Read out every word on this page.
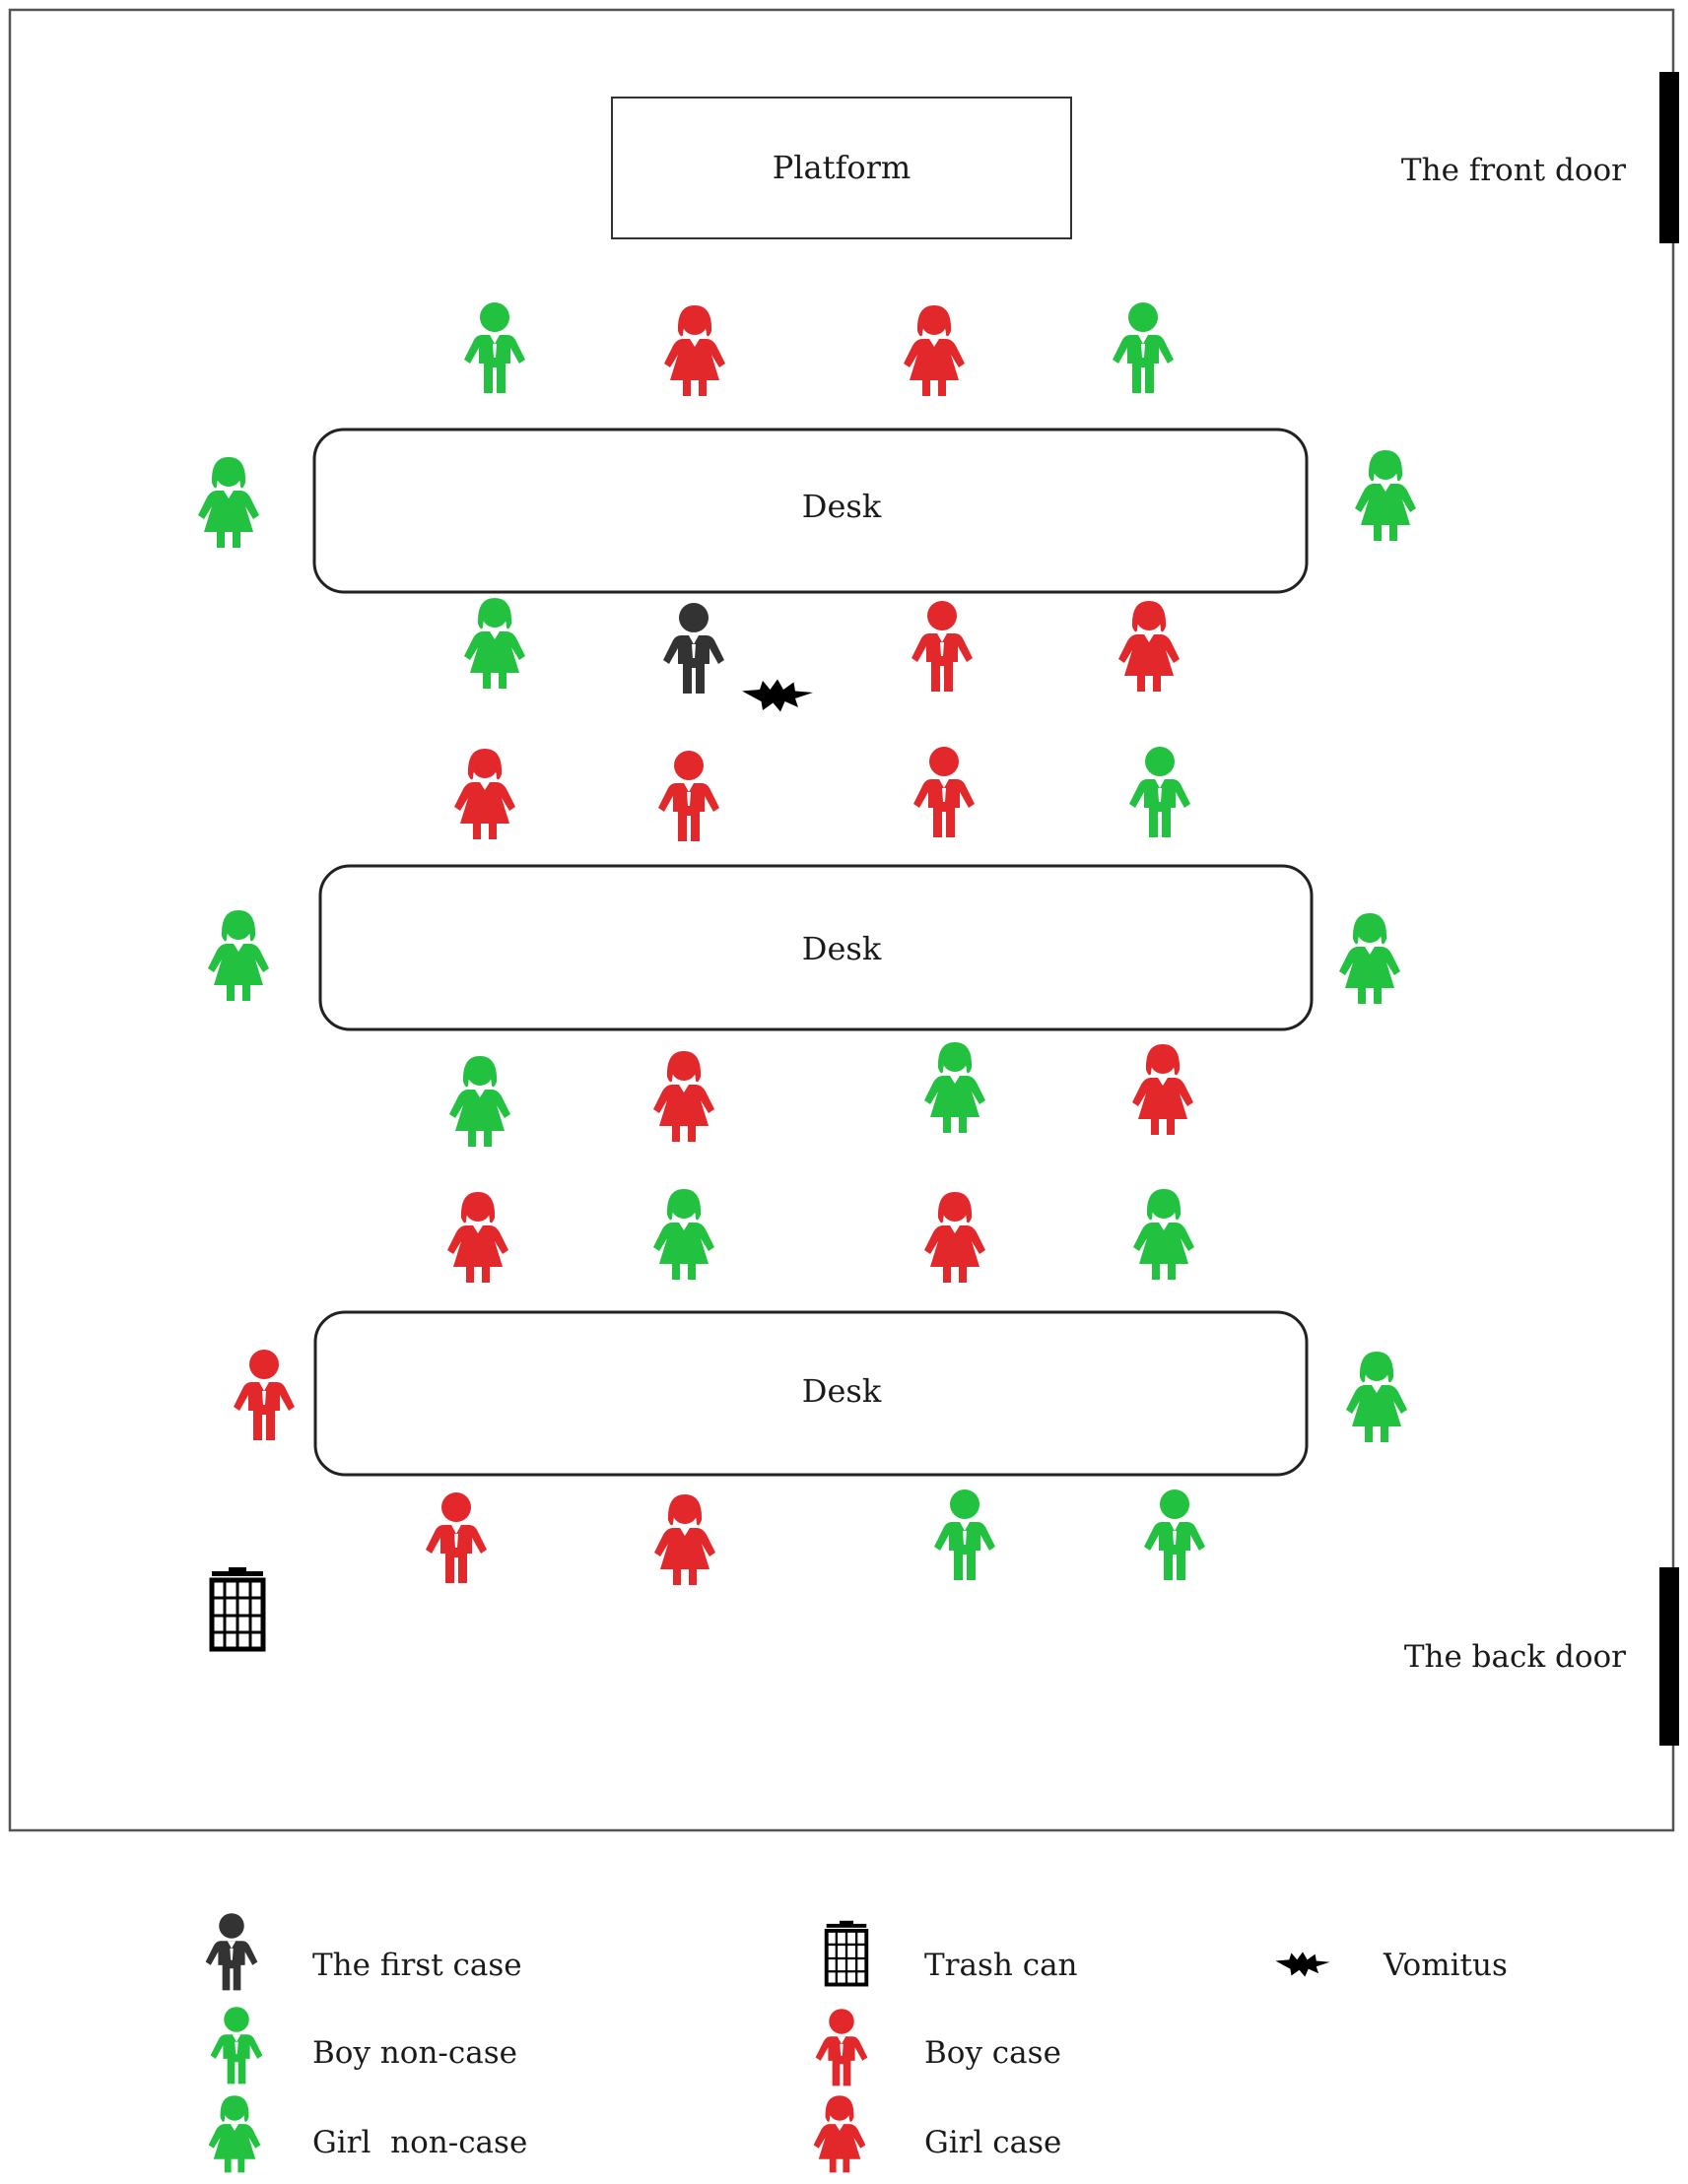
The front door
The back door
Platform
Desk
Desk
Desk
The first case
Boy non-case
Girl  non-case
Trash can
Boy case
Girl case
Vomitus
